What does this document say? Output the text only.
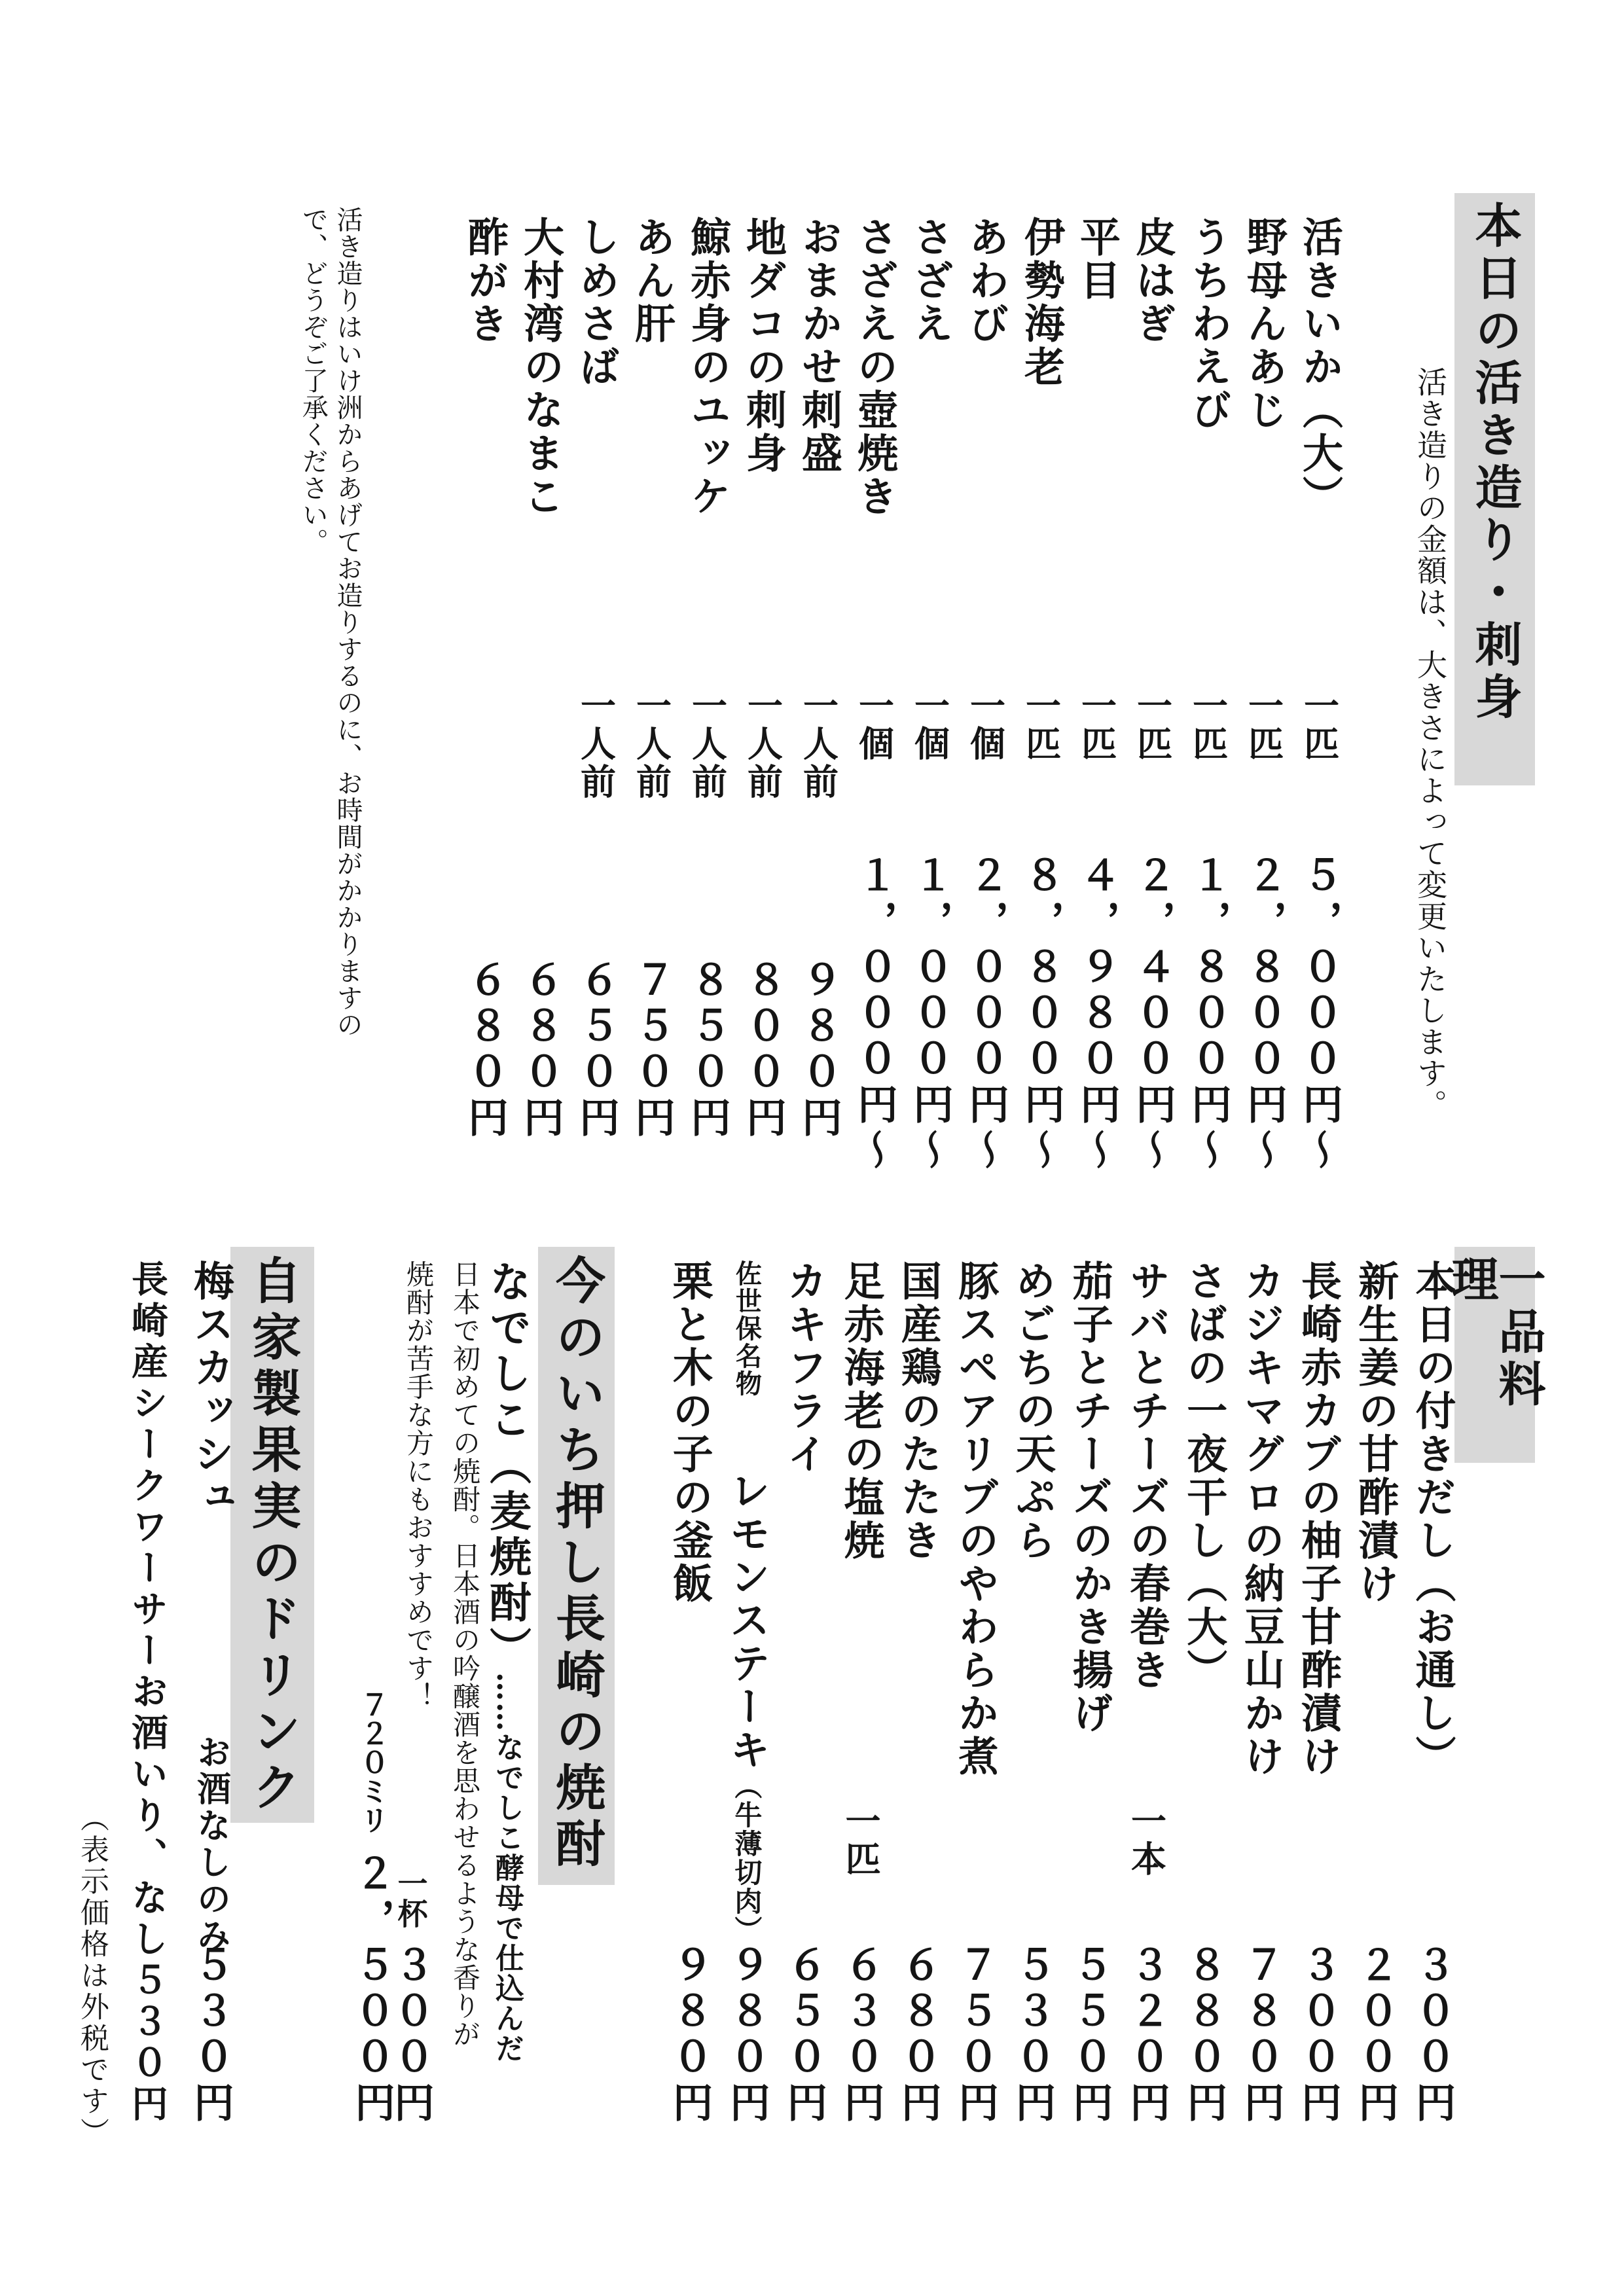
本日の活き造り・刺身
活き造りの金額は、大きさによって変更いたします。
活きいか（大）
一匹
５，０００円～
野母んあじ
一匹
２，８００円～
うちわえび
一匹
１，８００円～
皮はぎ
一匹
２，４００円～
平目
一匹
４，９８０円～
伊勢海老
一匹
８，８００円～
あわび
一個
２，０００円～
さざえ
一個
１，０００円～
さざえの壺焼き
一個
１，０００円～
おまかせ刺盛
一人前
９８０円
地ダコの刺身
一人前
８００円
鯨赤身のユッケ
一人前
８５０円
あん肝
一人前
７５０円
しめさば
一人前
６５０円
大村湾のなまこ
６８０円
酢がき
６８０円
活き造りはいけ洲からあげてお造りするのに、お時間がかかりますの
で、どうぞご了承ください。
一品料理
本日の付きだし（お通し）
３００円
新生姜の甘酢漬け
２００円
長崎赤カブの柚子甘酢漬け
３００円
カジキマグロの納豆山かけ
７８０円
さばの一夜干し（大）
８８０円
サバとチーズの春巻き
一本
３２０円
茄子とチーズのかき揚げ
５５０円
めごちの天ぷら
５３０円
豚スペアリブのやわらか煮
７５０円
国産鶏のたたき
６８０円
足赤海老の塩焼
一匹
６３０円
カキフライ
６５０円
佐世保名物
レモンステーキ（牛薄切肉）
９８０円
栗と木の子の釜飯
９８０円
今のいち押し長崎の焼酎
なでしこ（麦焼酎）……なでしこ酵母で仕込んだ
日本で初めての焼酎。日本酒の吟醸酒を思わせるような香りが
焼酎が苦手な方にもおすすめです！
一杯３００円
７２０ミリ２，５００円
自家製果実のドリンク
梅スカッシュ
お酒なしのみ
５３０円
長崎産シークワーサーお酒いり、なし５３０円
（表示価格は外税です）
